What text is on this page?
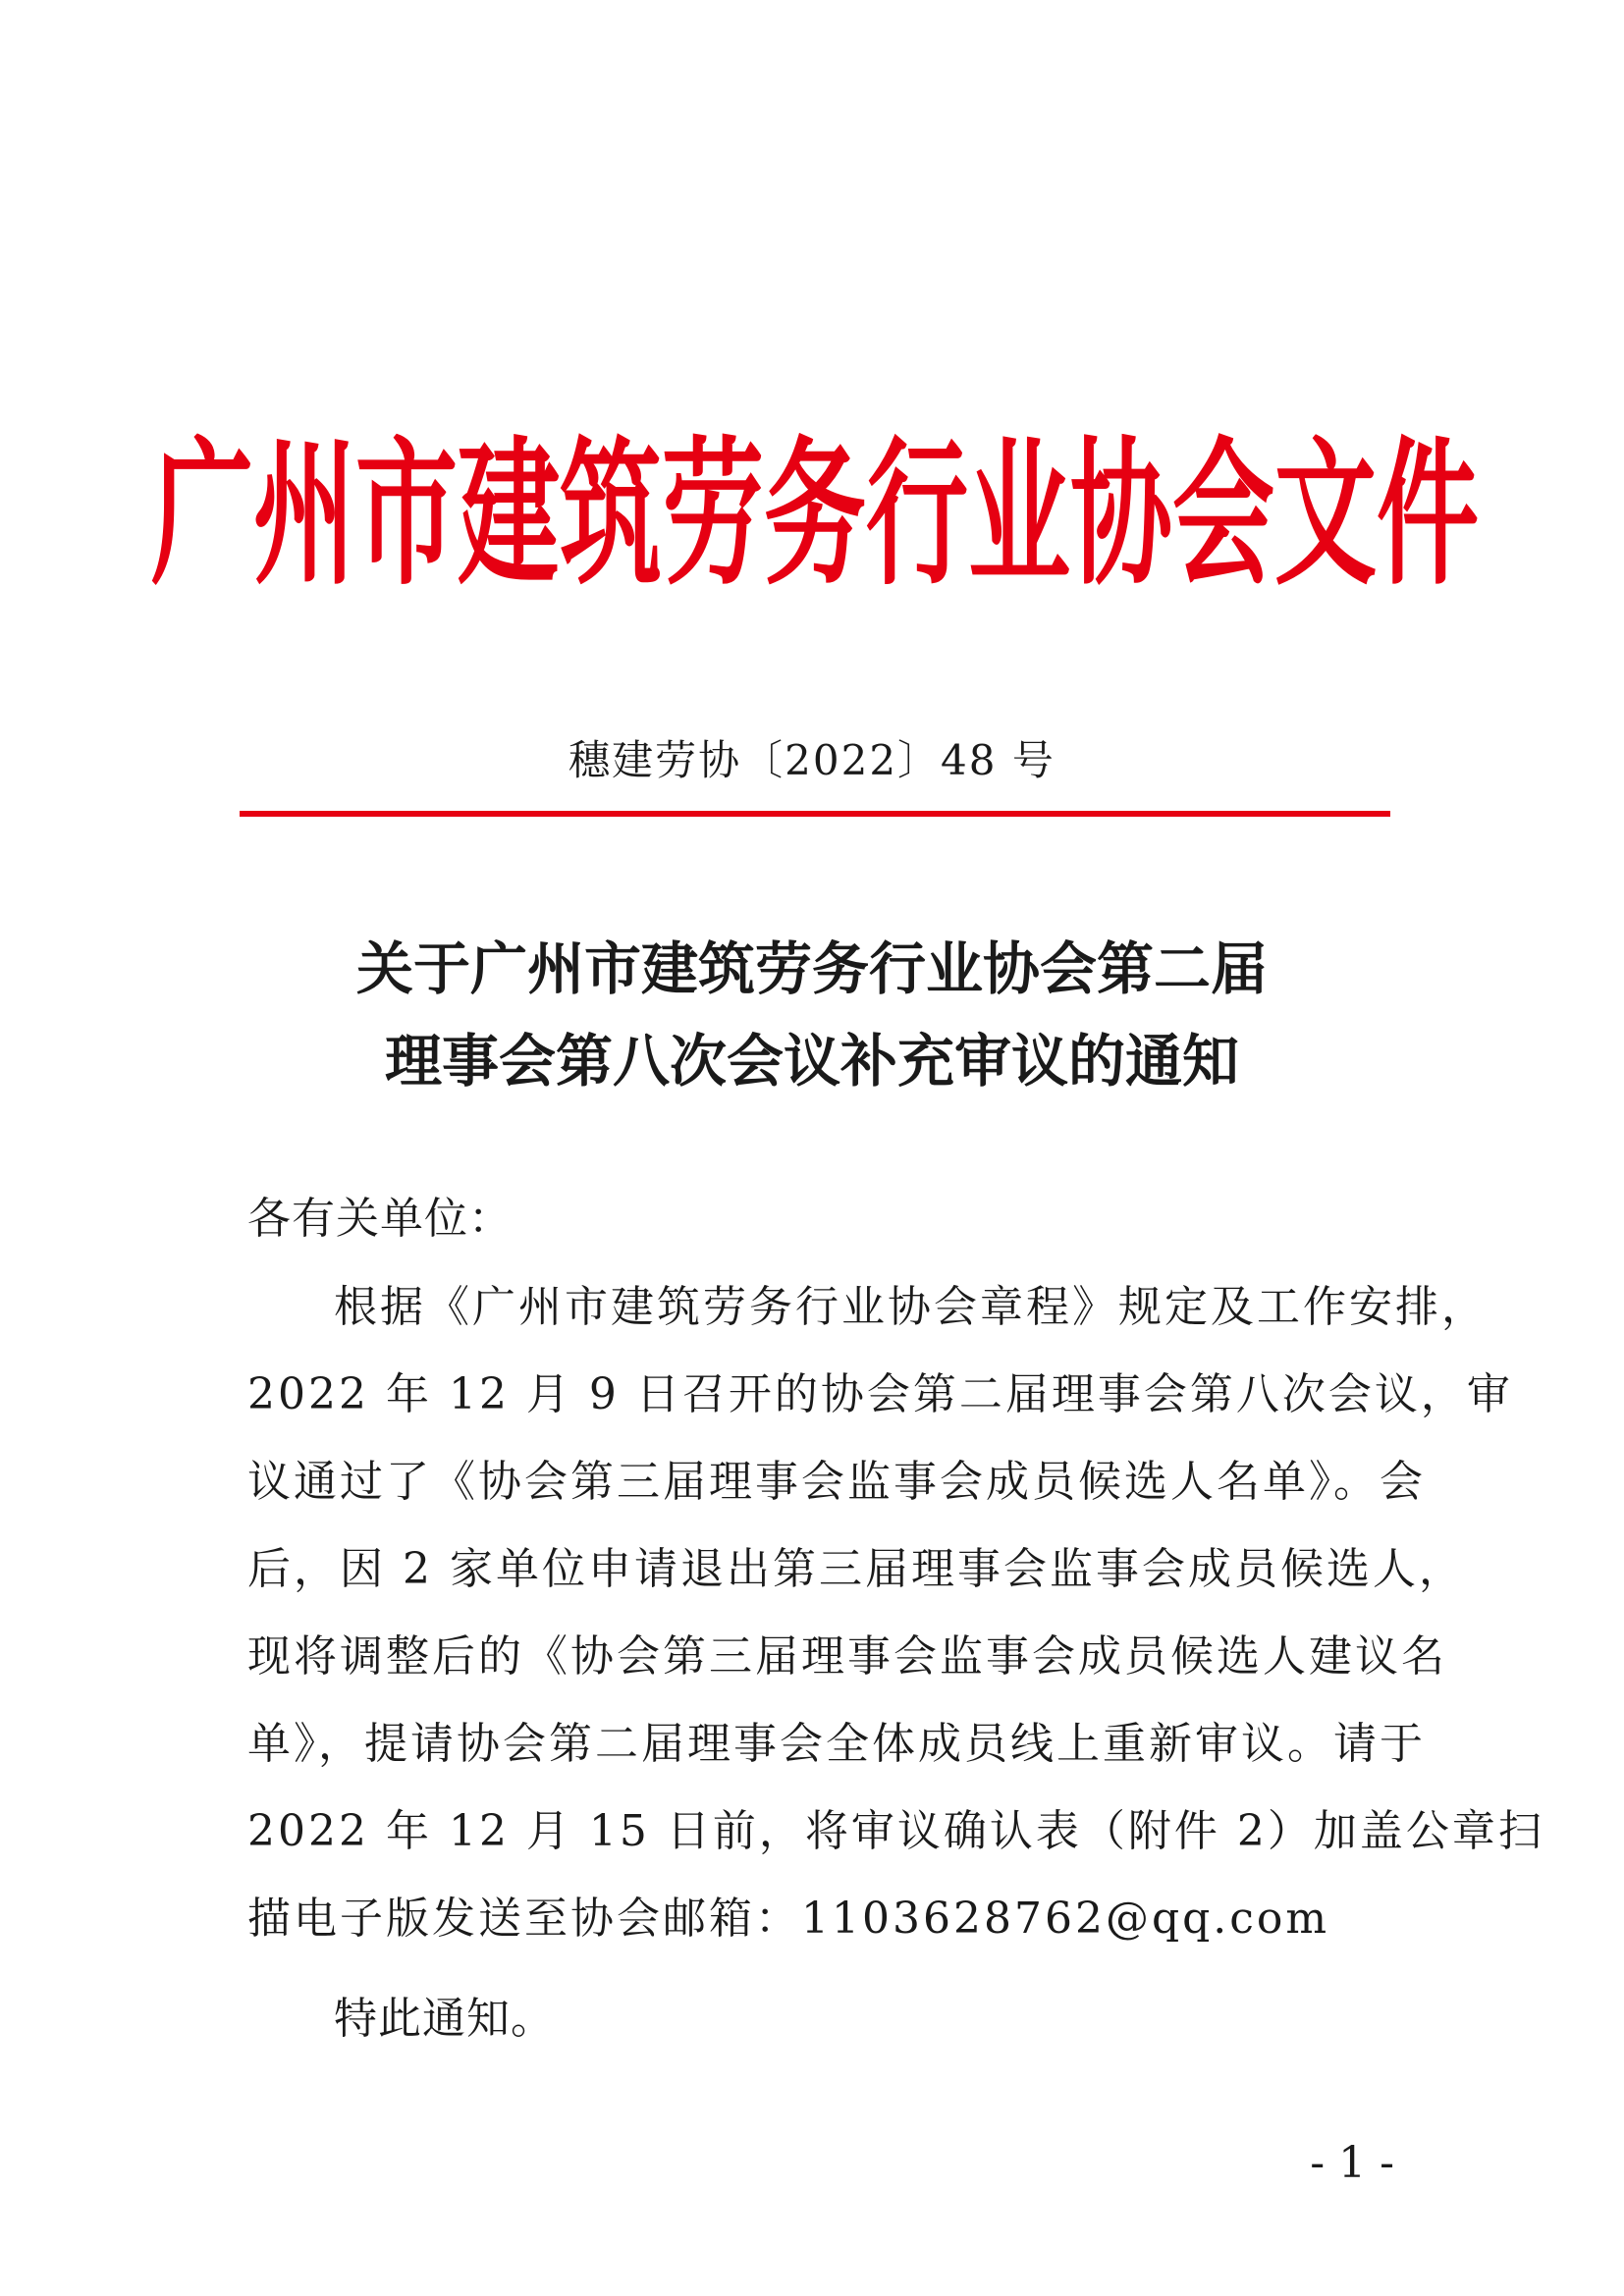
广州市建筑劳务行业协会文件
穗建劳协〔2022〕48 号
关于广州市建筑劳务行业协会第二届
理事会第八次会议补充审议的通知
各有关单位：
根据《广州市建筑劳务行业协会章程》规定及工作安排，
2022 年 12 月 9 日召开的协会第二届理事会第八次会议，审
议通过了《协会第三届理事会监事会成员候选人名单》。会
后，因 2 家单位申请退出第三届理事会监事会成员候选人，
现将调整后的《协会第三届理事会监事会成员候选人建议名
单》，提请协会第二届理事会全体成员线上重新审议。请于
2022 年 12 月 15 日前，将审议确认表（附件 2）加盖公章扫
描电子版发送至协会邮箱：1103628762@qq.com
特此通知。
- 1 -
